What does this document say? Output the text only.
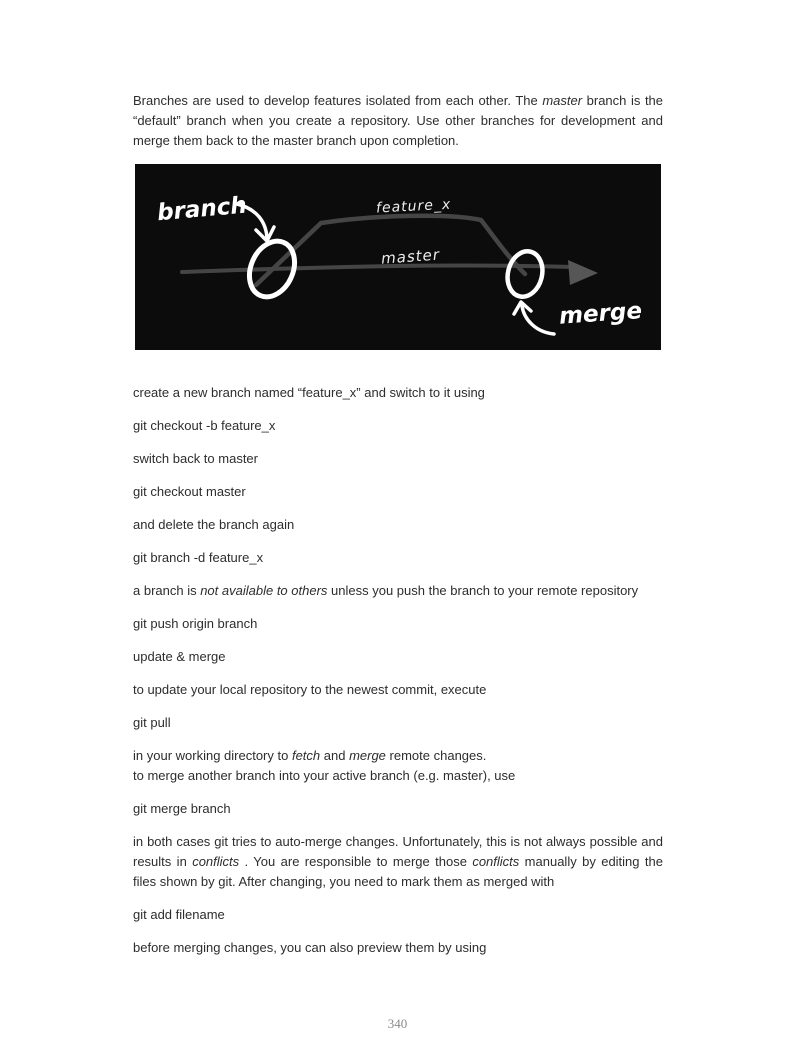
Branches are used to develop features isolated from each other. The master branch is the “default” branch when you create a repository. Use other branches for development and merge them back to the master branch upon completion.

branch	feature_x
master
merge

create a new branch named “feature_x” and switch to it using

git checkout -b feature_x

switch back to master

git checkout master

and delete the branch again

git branch -d feature_x

a branch is not available to others unless you push the branch to your remote repository

git push origin branch

update & merge

to update your local repository to the newest commit, execute

git pull

in your working directory to fetch and merge remote changes.
to merge another branch into your active branch (e.g. master), use

git merge branch

in both cases git tries to auto-merge changes. Unfortunately, this is not always possible and results in conflicts . You are responsible to merge those conflicts manually by editing the files shown by git. After changing, you need to mark them as merged with

git add filename

before merging changes, you can also preview them by using

340
